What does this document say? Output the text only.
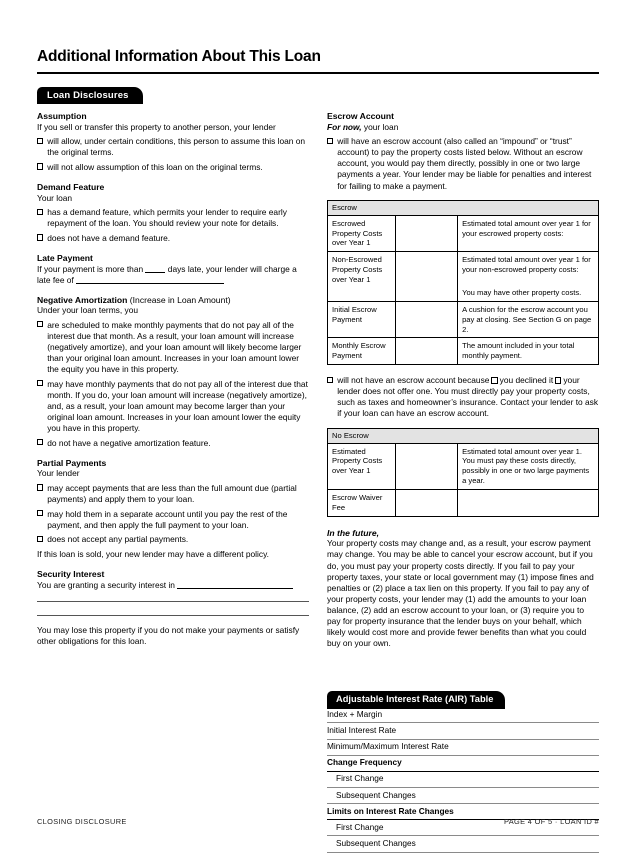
Additional Information About This Loan
Loan Disclosures
Assumption

If you sell or transfer this property to another person, your lender

will allow, under certain conditions, this person to assume this loan on the original terms.
will not allow assumption of this loan on the original terms.
Demand Feature

Your loan

has a demand feature, which permits your lender to require early repayment of the loan. You should review your note for details.
does not have a demand feature.
Late Payment

If your payment is more than	days late, your lender will charge a late fee of

Negative Amortization (Increase in Loan Amount)

Under your loan terms, you

are scheduled to make monthly payments that do not pay all of the interest due that month. As a result, your loan amount will increase (negatively amortize), and your loan amount will likely become larger than your original loan amount. Increases in your loan amount lower the equity you have in this property.
may have monthly payments that do not pay all of the interest due that month. If you do, your loan amount will increase (negatively amortize), and, as a result, your loan amount may become larger than your original loan amount. Increases in your loan amount lower the equity you have in this property.
do not have a negative amortization feature.
Partial Payments

Your lender

may accept payments that are less than the full amount due (partial payments) and apply them to your loan.
may hold them in a separate account until you pay the rest of the payment, and then apply the full payment to your loan.
does not accept any partial payments.

If this loan is sold, your new lender may have a different policy.

Security Interest

You are granting a security interest in

You may lose this property if you do not make your payments or satisfy other obligations for this loan.

Escrow Account

For now, your loan

will have an escrow account (also called an “impound” or “trust” account) to pay the property costs listed below. Without an escrow account, you would pay them directly, possibly in one or two large payments a year. Your lender may be liable for penalties and interest for failing to make a payment.
Escrow		
Escrowed Property Costs over Year 1		Estimated total amount over year 1 for your escrowed property costs:
Non-Escrowed Property Costs over Year 1		Estimated total amount over year 1 for your non-escrowed property costs:
You may have other property costs.

Initial Escrow Payment		A cushion for the escrow account you pay at closing. See Section G on page 2.
Monthly Escrow Payment		The amount included in your total monthly payment.
will not have an escrow account because you declined it your lender does not offer one. You must directly pay your property costs, such as taxes and homeowner’s insurance. Contact your lender to ask if your loan can have an escrow account.
No Escrow		
Estimated Property Costs over Year 1		Estimated total amount over year 1. You must pay these costs directly, possibly in one or two large payments a year.
Escrow Waiver Fee		
In the future,

Your property costs may change and, as a result, your escrow payment may change. You may be able to cancel your escrow account, but if you do, you must pay your property costs directly. If you fail to pay your property taxes, your state or local government may (1) impose fines and penalties or (2) place a tax lien on this property. If you fail to pay any of your property costs, your lender may (1) add the amounts to your loan balance, (2) add an escrow account to your loan, or (3) require you to pay for property insurance that the lender buys on your behalf, which likely would cost more and provide fewer benefits than what you could buy on your own.

Adjustable Interest Rate (AIR) Table
Index + Margin
Initial Interest Rate
Minimum/Maximum Interest Rate
Change Frequency
First Change
Subsequent Changes
Limits on Interest Rate Changes
First Change
Subsequent Changes
CLOSING DISCLOSURE	PAGE 4 OF 5 · LOAN ID #
